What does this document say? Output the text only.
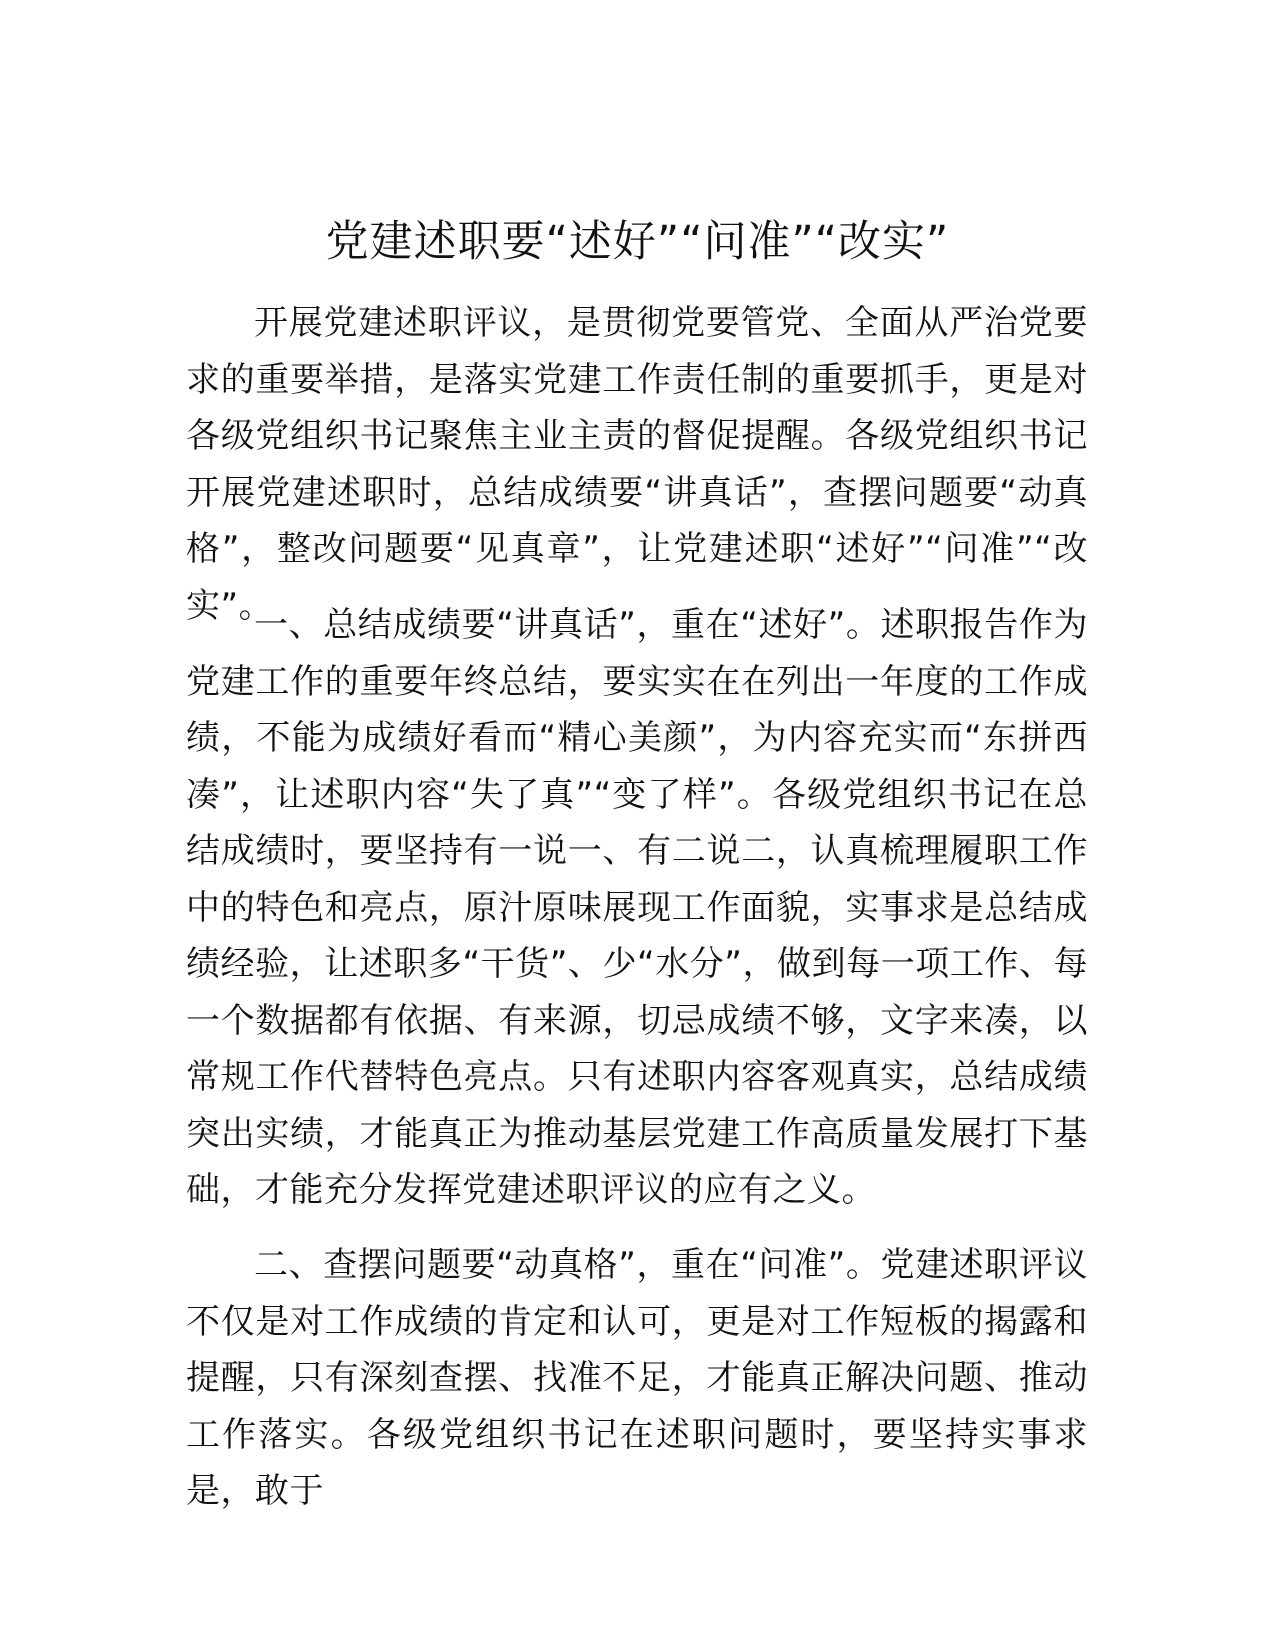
党建述职要“述好”“问准”“改实”

开展党建述职评议，是贯彻党要管党、全面从严治党要求的重要举措，是落实党建工作责任制的重要抓手，更是对各级党组织书记聚焦主业主责的督促提醒。各级党组织书记开展党建述职时，总结成绩要“讲真话”，查摆问题要“动真格”，整改问题要“见真章”，让党建述职“述好”“问准”“改实”。

一、总结成绩要“讲真话”，重在“述好”。述职报告作为党建工作的重要年终总结，要实实在在列出一年度的工作成绩，不能为成绩好看而“精心美颜”，为内容充实而“东拼西凑”，让述职内容“失了真”“变了样”。各级党组织书记在总结成绩时，要坚持有一说一、有二说二，认真梳理履职工作中的特色和亮点，原汁原味展现工作面貌，实事求是总结成绩经验，让述职多“干货”、少“水分”，做到每一项工作、每一个数据都有依据、有来源，切忌成绩不够，文字来凑，以常规工作代替特色亮点。只有述职内容客观真实，总结成绩突出实绩，才能真正为推动基层党建工作高质量发展打下基础，才能充分发挥党建述职评议的应有之义。

二、查摆问题要“动真格”，重在“问准”。党建述职评议不仅是对工作成绩的肯定和认可，更是对工作短板的揭露和提醒，只有深刻查摆、找准不足，才能真正解决问题、推动工作落实。各级党组织书记在述职问题时，要坚持实事求是，敢于
